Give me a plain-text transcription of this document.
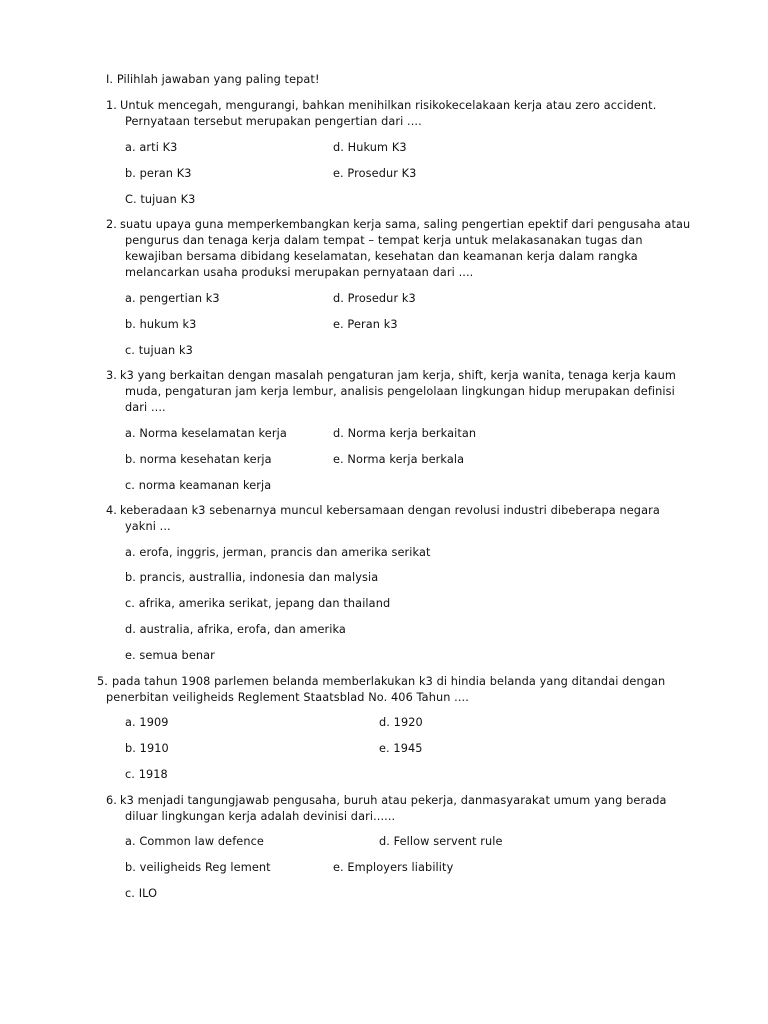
I. Pilihlah jawaban yang paling tepat!
1. Untuk mencegah, mengurangi, bahkan menihilkan risikokecelakaan kerja atau zero accident.
Pernyataan tersebut merupakan pengertian dari ....
a. arti K3	d. Hukum K3
b. peran K3	e. Prosedur K3
C. tujuan K3
2. suatu upaya guna memperkembangkan kerja sama, saling pengertian epektif dari pengusaha atau
pengurus dan tenaga kerja dalam tempat – tempat kerja untuk melakasanakan tugas dan
kewajiban bersama dibidang keselamatan, kesehatan dan keamanan kerja dalam rangka
melancarkan usaha produksi merupakan pernyataan dari ....
a. pengertian k3	d. Prosedur k3
b. hukum k3	e. Peran k3
c. tujuan k3
3. k3 yang berkaitan dengan masalah pengaturan jam kerja, shift, kerja wanita, tenaga kerja kaum
muda, pengaturan jam kerja lembur, analisis pengelolaan lingkungan hidup merupakan definisi
dari ....
a. Norma keselamatan kerja	d. Norma kerja berkaitan
b. norma kesehatan kerja	e. Norma kerja berkala
c. norma keamanan kerja
4. keberadaan k3 sebenarnya muncul kebersamaan dengan revolusi industri dibeberapa negara
yakni ...
a. erofa, inggris, jerman, prancis dan amerika serikat
b. prancis, australlia, indonesia dan malysia
c. afrika, amerika serikat, jepang dan thailand
d. australia, afrika, erofa, dan amerika
e. semua benar
5. pada tahun 1908 parlemen belanda memberlakukan k3 di hindia belanda yang ditandai dengan
penerbitan veiligheids Reglement Staatsblad No. 406 Tahun ....
a. 1909	d. 1920
b. 1910	e. 1945
c. 1918
6. k3 menjadi tangungjawab pengusaha, buruh atau pekerja, danmasyarakat umum yang berada
diluar lingkungan kerja adalah devinisi dari......
a. Common law defence	d. Fellow servent rule
b. veiligheids Reg lement	e. Employers liability
c. ILO
